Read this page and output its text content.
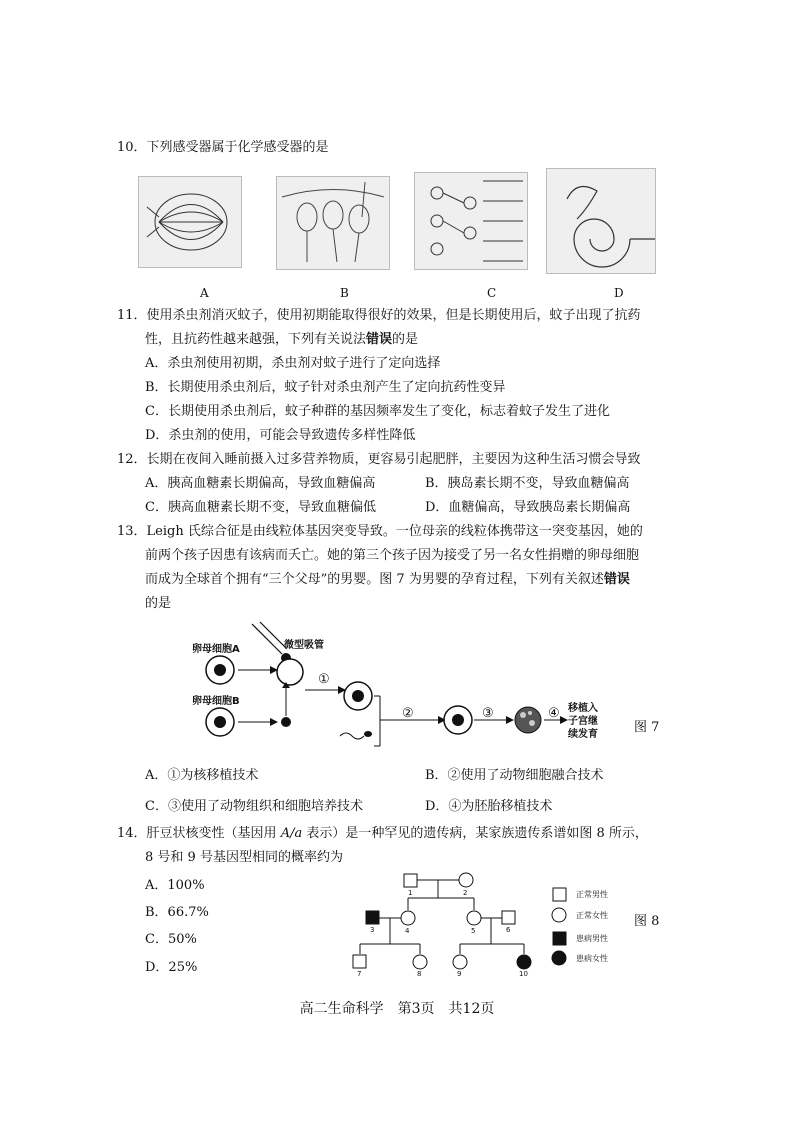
10．下列感受器属于化学感受器的是
A	B	C	D
11．使用杀虫剂消灭蚊子，使用初期能取得很好的效果，但是长期使用后，蚊子出现了抗药
性，且抗药性越来越强，下列有关说法错误的是
A．杀虫剂使用初期，杀虫剂对蚊子进行了定向选择
B．长期使用杀虫剂后，蚊子针对杀虫剂产生了定向抗药性变异
C．长期使用杀虫剂后，蚊子种群的基因频率发生了变化，标志着蚊子发生了进化
D．杀虫剂的使用，可能会导致遗传多样性降低
12．长期在夜间入睡前摄入过多营养物质，更容易引起肥胖，主要因为这种生活习惯会导致
A．胰高血糖素长期偏高，导致血糖偏高	B．胰岛素长期不变，导致血糖偏高
C．胰高血糖素长期不变，导致血糖偏低	D．血糖偏高，导致胰岛素长期偏高
13．Leigh 氏综合征是由线粒体基因突变导致。一位母亲的线粒体携带这一突变基因，她的
前两个孩子因患有该病而夭亡。她的第三个孩子因为接受了另一名女性捐赠的卵母细胞
而成为全球首个拥有“三个父母”的男婴。图 7 为男婴的孕育过程，下列有关叙述错误
的是
卵母细胞A
卵母细胞B
微型吸管
①
②	③	④ 移植入
子宫继
续发育	图 7
A．①为核移植技术	B．②使用了动物细胞融合技术
C．③使用了动物组织和细胞培养技术	D．④为胚胎移植技术
14．肝豆状核变性（基因用 A/a 表示）是一种罕见的遗传病，某家族遗传系谱如图 8 所示，
8 号和 9 号基因型相同的概率约为
A．100%
B．66.7%
C．50%
D．25%
1	2
3	4	5	6
7	8	9	10
正常男性
正常女性
患病男性
患病女性
图 8
高二生命科学　第3页　共12页
